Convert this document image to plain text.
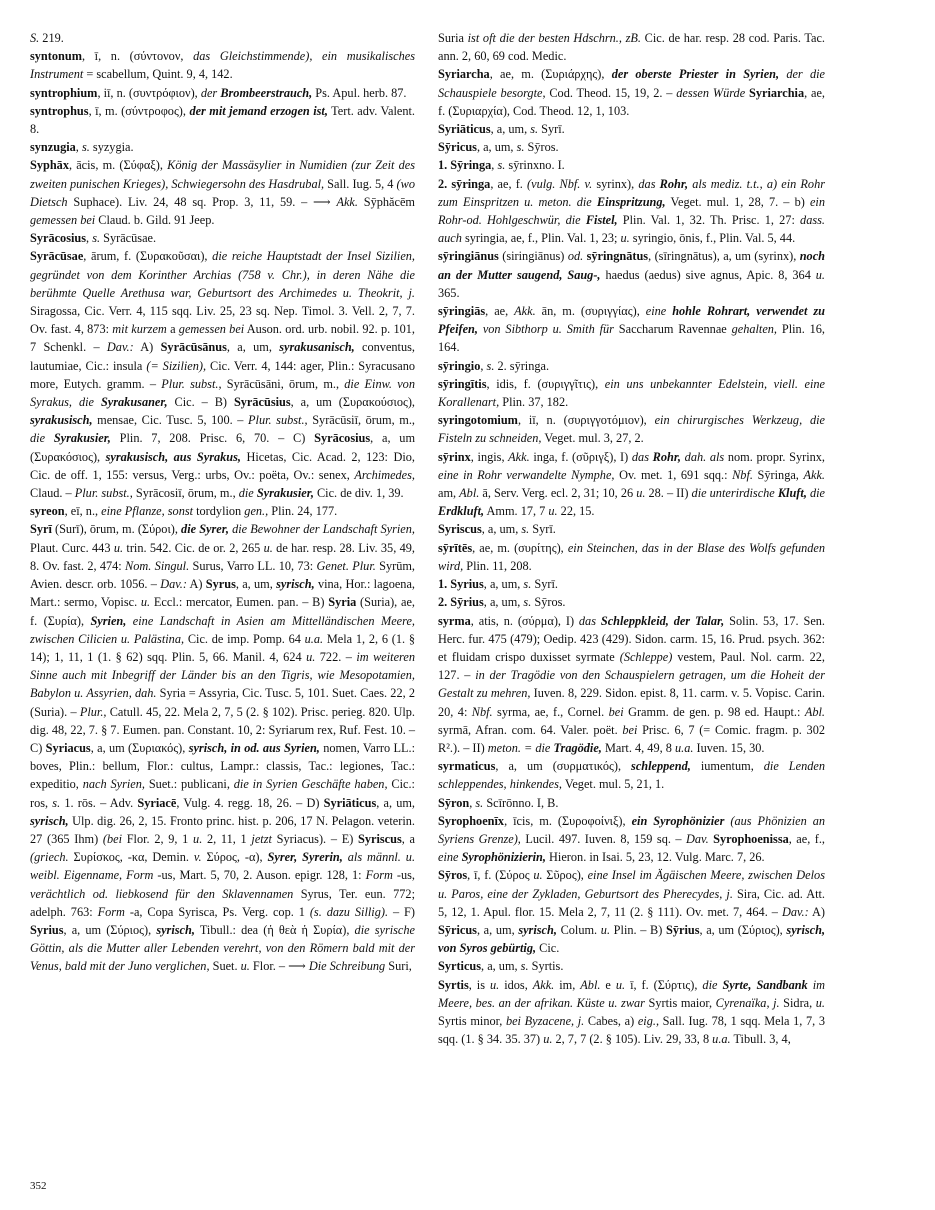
S. 219.

syntonum, ī, n. (σύντονον, das Gleichstimmende), ein musikalisches Instrument = scabellum, Quint. 9, 4, 142.

syntrophium, iī, n. (συντρόφιον), der Brombeerstrauch, Ps. Apul. herb. 87.

syntrophus, ī, m. (σύντροφος), der mit jemand erzogen ist, Tert. adv. Valent. 8.

synzugia, s. syzygia.

Syphāx, ācis, m. (Σύφαξ), König der Massäsylier in Numidien (zur Zeit des zweiten punischen Krieges), Schwiegersohn des Hasdrubal, Sall. Iug. 5, 4 (wo Dietsch Suphace). Liv. 24, 48 sq. Prop. 3, 11, 59. – ⟶ Akk. Sȳphăcēm gemessen bei Claud. b. Gild. 91 Jeep.

Syrācosius, s. Syrācūsae.

Syrācūsae, ārum, f. (Συρακοῦσαι), die reiche Hauptstadt der Insel Sizilien, gegründet von dem Korinther Archias (758 v. Chr.), in deren Nähe die berühmte Quelle Arethusa war, Geburtsort des Archimedes u. Theokrit, j. Siragossa, Cic. Verr. 4, 115 sqq. Liv. 25, 23 sq. Nep. Timol. 3. Vell. 2, 7, 7. Ov. fast. 4, 873: mit kurzem a gemessen bei Auson. ord. urb. nobil. 92. p. 101, 7 Schenkl. – Dav.: A) Syrācūsānus, a, um, syrakusanisch, conventus, lautumiae, Cic.: insula (= Sizilien), Cic. Verr. 4, 144: ager, Plin.: Syracusano more, Eutych. gramm. – Plur. subst., Syrācūsāni, ōrum, m., die Einw. von Syrakus, die Syrakusaner, Cic. – B) Syrācūsius, a, um (Συρακούσιος), syrakusisch, mensae, Cic. Tusc. 5, 100. – Plur. subst., Syrācūsiī, ōrum, m., die Syrakusier, Plin. 7, 208. Prisc. 6, 70. – C) Syrācosius, a, um (Συρακόσιος), syrakusisch, aus Syrakus, Hicetas, Cic. Acad. 2, 123: Dio, Cic. de off. 1, 155: versus, Verg.: urbs, Ov.: poëta, Ov.: senex, Archimedes, Claud. – Plur. subst., Syrācosiī, ōrum, m., die Syrakusier, Cic. de div. 1, 39.

syreon, eī, n., eine Pflanze, sonst tordylion gen., Plin. 24, 177.

Syrī (Surī), ōrum, m. (Σύροι), die Syrer, die Bewohner der Landschaft Syrien, Plaut. Curc. 443 u. trin. 542. Cic. de or. 2, 265 u. de har. resp. 28. Liv. 35, 49, 8. Ov. fast. 2, 474: Nom. Singul. Surus, Varro LL. 10, 73: Genet. Plur. Syrūm, Avien. descr. orb. 1056. – Dav.: A) Syrus, a, um, syrisch, vina, Hor.: lagoena, Mart.: sermo, Vopisc. u. Eccl.: mercator, Eumen. pan. – B) Syria (Suria), ae, f. (Συρία), Syrien, eine Landschaft in Asien am Mittelländischen Meere, zwischen Cilicien u. Palästina, Cic. de imp. Pomp. 64 u.a. Mela 1, 2, 6 (1. § 14); 1, 11, 1 (1. § 62) sqq. Plin. 5, 66. Manil. 4, 624 u. 722. – im weiteren Sinne auch mit Inbegriff der Länder bis an den Tigris, wie Mesopotamien, Babylon u. Assyrien, dah. Syria = Assyria, Cic. Tusc. 5, 101. Suet. Caes. 22, 2 (Suria). – Plur., Catull. 45, 22. Mela 2, 7, 5 (2. § 102). Prisc. perieg. 820. Ulp. dig. 48, 22, 7. § 7. Eumen. pan. Constant. 10, 2: Syriarum rex, Ruf. Fest. 10. – C) Syriacus, a, um (Συριακός), syrisch, in od. aus Syrien, nomen, Varro LL.: boves, Plin.: bellum, Flor.: cultus, Lampr.: classis, Tac.: legiones, Tac.: expeditio, nach Syrien, Suet.: publicani, die in Syrien Geschäfte haben, Cic.: ros, s. 1. rōs. – Adv. Syriacē, Vulg. 4. regg. 18, 26. – D) Syriāticus, a, um, syrisch, Ulp. dig. 26, 2, 15. Fronto princ. hist. p. 206, 17 N. Pelagon. veterin. 27 (365 Ihm) (bei Flor. 2, 9, 1 u. 2, 11, 1 jetzt Syriacus). – E) Syriscus, a (griech. Συρίσκος, -κα, Demin. v. Σύρος, -α), Syrer, Syrerin, als männl. u. weibl. Eigenname, Form -us, Mart. 5, 70, 2. Auson. epigr. 128, 1: Form -us, verächtlich od. liebkosend für den Sklavennamen Syrus, Ter. eun. 772; adelph. 763: Form -a, Copa Syrisca, Ps. Verg. cop. 1 (s. dazu Sillig). – F) Syrius, a, um (Σύριος), syrisch, Tibull.: dea (ἡ θεὰ ἡ Συρία), die syrische Göttin, als die Mutter aller Lebenden verehrt, von den Römern bald mit der Venus, bald mit der Juno verglichen, Suet. u. Flor. – ⟶ Die Schreibung Suri,

Suria ist oft die der besten Hdschrn., zB. Cic. de har. resp. 28 cod. Paris. Tac. ann. 2, 60, 69 cod. Medic.

Syriarcha, ae, m. (Συριάρχης), der oberste Priester in Syrien, der die Schauspiele besorgte, Cod. Theod. 15, 19, 2. – dessen Würde Syriarchia, ae, f. (Συριαρχία), Cod. Theod. 12, 1, 103.

Syriāticus, a, um, s. Syrī.

Sȳricus, a, um, s. Sȳros.

1. Sȳringa, s. sȳrinxno. I.

2. sȳringa, ae, f. (vulg. Nbf. v. syrinx), das Rohr, als mediz. t.t., a) ein Rohr zum Einspritzen u. meton. die Einspritzung, Veget. mul. 1, 28, 7. – b) ein Rohr-od. Hohlgeschwür, die Fistel, Plin. Val. 1, 32. Th. Prisc. 1, 27: dass. auch syringia, ae, f., Plin. Val. 1, 23; u. syringio, ōnis, f., Plin. Val. 5, 44.

sȳringiānus (siringiānus) od. sȳringnātus, (sīringnātus), a, um (syrinx), noch an der Mutter saugend, Saug-, haedus (aedus) sive agnus, Apic. 8, 364 u. 365.

sȳringiās, ae, Akk. ān, m. (συριγγίας), eine hohle Rohrart, verwendet zu Pfeifen, von Sibthorp u. Smith für Saccharum Ravennae gehalten, Plin. 16, 164.

sȳringio, s. 2. sȳringa.

sȳringītis, idis, f. (συριγγῖτις), ein uns unbekannter Edelstein, viell. eine Korallenart, Plin. 37, 182.

syringotomium, iī, n. (συριγγοτόμιον), ein chirurgisches Werkzeug, die Fisteln zu schneiden, Veget. mul. 3, 27, 2.

sȳrinx, ingis, Akk. inga, f. (σῦριγξ), I) das Rohr, dah. als nom. propr. Syrinx, eine in Rohr verwandelte Nymphe, Ov. met. 1, 691 sqq.: Nbf. Sȳringa, Akk. am, Abl. ā, Serv. Verg. ecl. 2, 31; 10, 26 u. 28. – II) die unterirdische Kluft, die Erdkluft, Amm. 17, 7 u. 22, 15.

Syriscus, a, um, s. Syrī.

sȳrītēs, ae, m. (συρίτης), ein Steinchen, das in der Blase des Wolfs gefunden wird, Plin. 11, 208.

1. Syrius, a, um, s. Syrī.

2. Sȳrius, a, um, s. Sȳros.

syrma, atis, n. (σύρμα), I) das Schleppkleid, der Talar, Solin. 53, 17. Sen. Herc. fur. 475 (479); Oedip. 423 (429). Sidon. carm. 15, 16. Prud. psych. 362: et fluidam crispo duxisset syrmate (Schleppe) vestem, Paul. Nol. carm. 22, 127. – in der Tragödie von den Schauspielern getragen, um die Hoheit der Gestalt zu mehren, Iuven. 8, 229. Sidon. epist. 8, 11. carm. v. 5. Vopisc. Carin. 20, 4: Nbf. syrma, ae, f., Cornel. bei Gramm. de gen. p. 98 ed. Haupt.: Abl. syrmā, Afran. com. 64. Valer. poët. bei Prisc. 6, 7 (= Comic. fragm. p. 302 R².). – II) meton. = die Tragödie, Mart. 4, 49, 8 u.a. Iuven. 15, 30.

syrmaticus, a, um (συρματικός), schleppend, iumentum, die Lenden schleppendes, hinkendes, Veget. mul. 5, 21, 1.

Sȳron, s. Scīrōnno. I, B.

Syrophoenīx, īcis, m. (Συροφοίνιξ), ein Syrophönizier (aus Phönizien an Syriens Grenze), Lucil. 497. Iuven. 8, 159 sq. – Dav. Syrophoenissa, ae, f., eine Syrophönizierin, Hieron. in Isai. 5, 23, 12. Vulg. Marc. 7, 26.

Sȳros, ī, f. (Σύρος u. Σῦρος), eine Insel im Ägäischen Meere, zwischen Delos u. Paros, eine der Zykladen, Geburtsort des Pherecydes, j. Sira, Cic. ad. Att. 5, 12, 1. Apul. flor. 15. Mela 2, 7, 11 (2. § 111). Ov. met. 7, 464. – Dav.: A) Sȳricus, a, um, syrisch, Colum. u. Plin. – B) Sȳrius, a, um (Σύριος), syrisch, von Syros gebürtig, Cic.

Syrticus, a, um, s. Syrtis.

Syrtis, is u. idos, Akk. im, Abl. e u. ī, f. (Σύρτις), die Syrte, Sandbank im Meere, bes. an der afrikan. Küste u. zwar Syrtis maior, Cyrenaïka, j. Sidra, u. Syrtis minor, bei Byzacene, j. Cabes, a) eig., Sall. Iug. 78, 1 sqq. Mela 1, 7, 3 sqq. (1. § 34. 35. 37) u. 2, 7, 7 (2. § 105). Liv. 29, 33, 8 u.a. Tibull. 3, 4,

352
